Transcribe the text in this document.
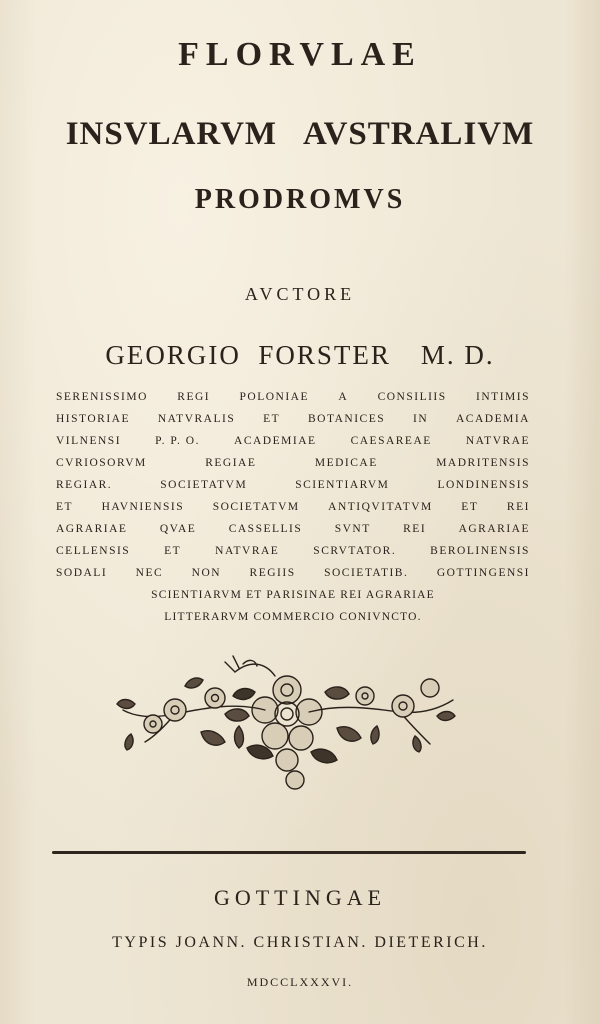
FLORVLAE
INSVLARVM   AVSTRALIVM
PRODROMVS
AVCTORE
GEORGIO  FORSTER M. D.
SERENISSIMO	REGI	POLONIAE	A	CONSILIIS	INTIMIS
HISTORIAE NATVRALIS ET BOTANICES IN ACADEMIA
VILNENSI	P. P. O.	ACADEMIAE	CAESAREAE	NATVRAE
CVRIOSORVM	REGIAE	MEDICAE	MADRITENSIS
REGIAR.	SOCIETATVM	SCIENTIARVM	LONDINENSIS
ET HAVNIENSIS SOCIETATVM ANTIQVITATVM ET REI
AGRARIAE	QVAE	CASSELLIS	SVNT	REI	AGRARIAE
CELLENSIS	ET	NATVRAE	SCRVTATOR.	BEROLINENSIS
SODALI NEC NON REGIIS SOCIETATIB. GOTTINGENSI
SCIENTIARVM ET PARISINAE REI AGRARIAE
LITTERARVM COMMERCIO CONIVNCTO.
GOTTINGAE
TYPIS JOANN. CHRISTIAN. DIETERICH.
MDCCLXXXVI.
